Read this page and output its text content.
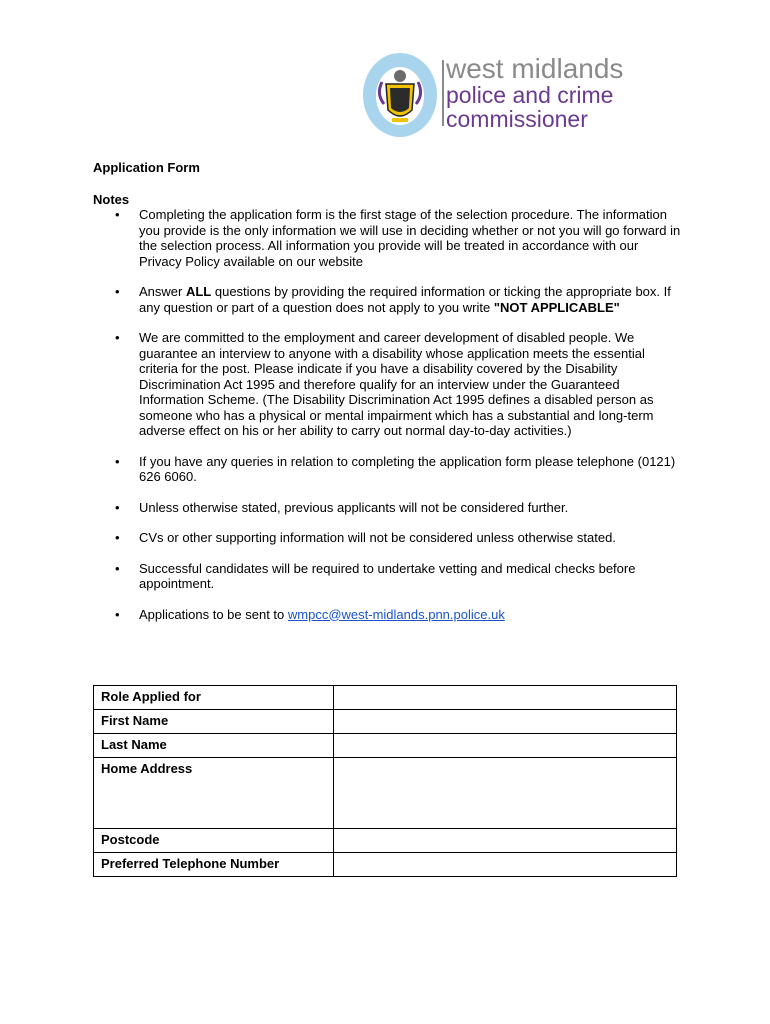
west midlands
police and crime
commissioner
Application Form
Notes
• Completing the application form is the first stage of the selection procedure. The information you provide is the only information we will use in deciding whether or not you will go forward in the selection process. All information you provide will be treated in accordance with our Privacy Policy available on our website
• Answer ALL questions by providing the required information or ticking the appropriate box. If any question or part of a question does not apply to you write "NOT APPLICABLE"
• We are committed to the employment and career development of disabled people. We guarantee an interview to anyone with a disability whose application meets the essential criteria for the post. Please indicate if you have a disability covered by the Disability Discrimination Act 1995 and therefore qualify for an interview under the Guaranteed Information Scheme. (The Disability Discrimination Act 1995 defines a disabled person as someone who has a physical or mental impairment which has a substantial and long-term adverse effect on his or her ability to carry out normal day-to-day activities.)
• If you have any queries in relation to completing the application form please telephone (0121) 626 6060.
• Unless otherwise stated, previous applicants will not be considered further.
• CVs or other supporting information will not be considered unless otherwise stated.
• Successful candidates will be required to undertake vetting and medical checks before appointment.
• Applications to be sent to wmpcc@west-midlands.pnn.police.uk
Role Applied for	
First Name	
Last Name	
Home Address	
Postcode	
Preferred Telephone Number	
